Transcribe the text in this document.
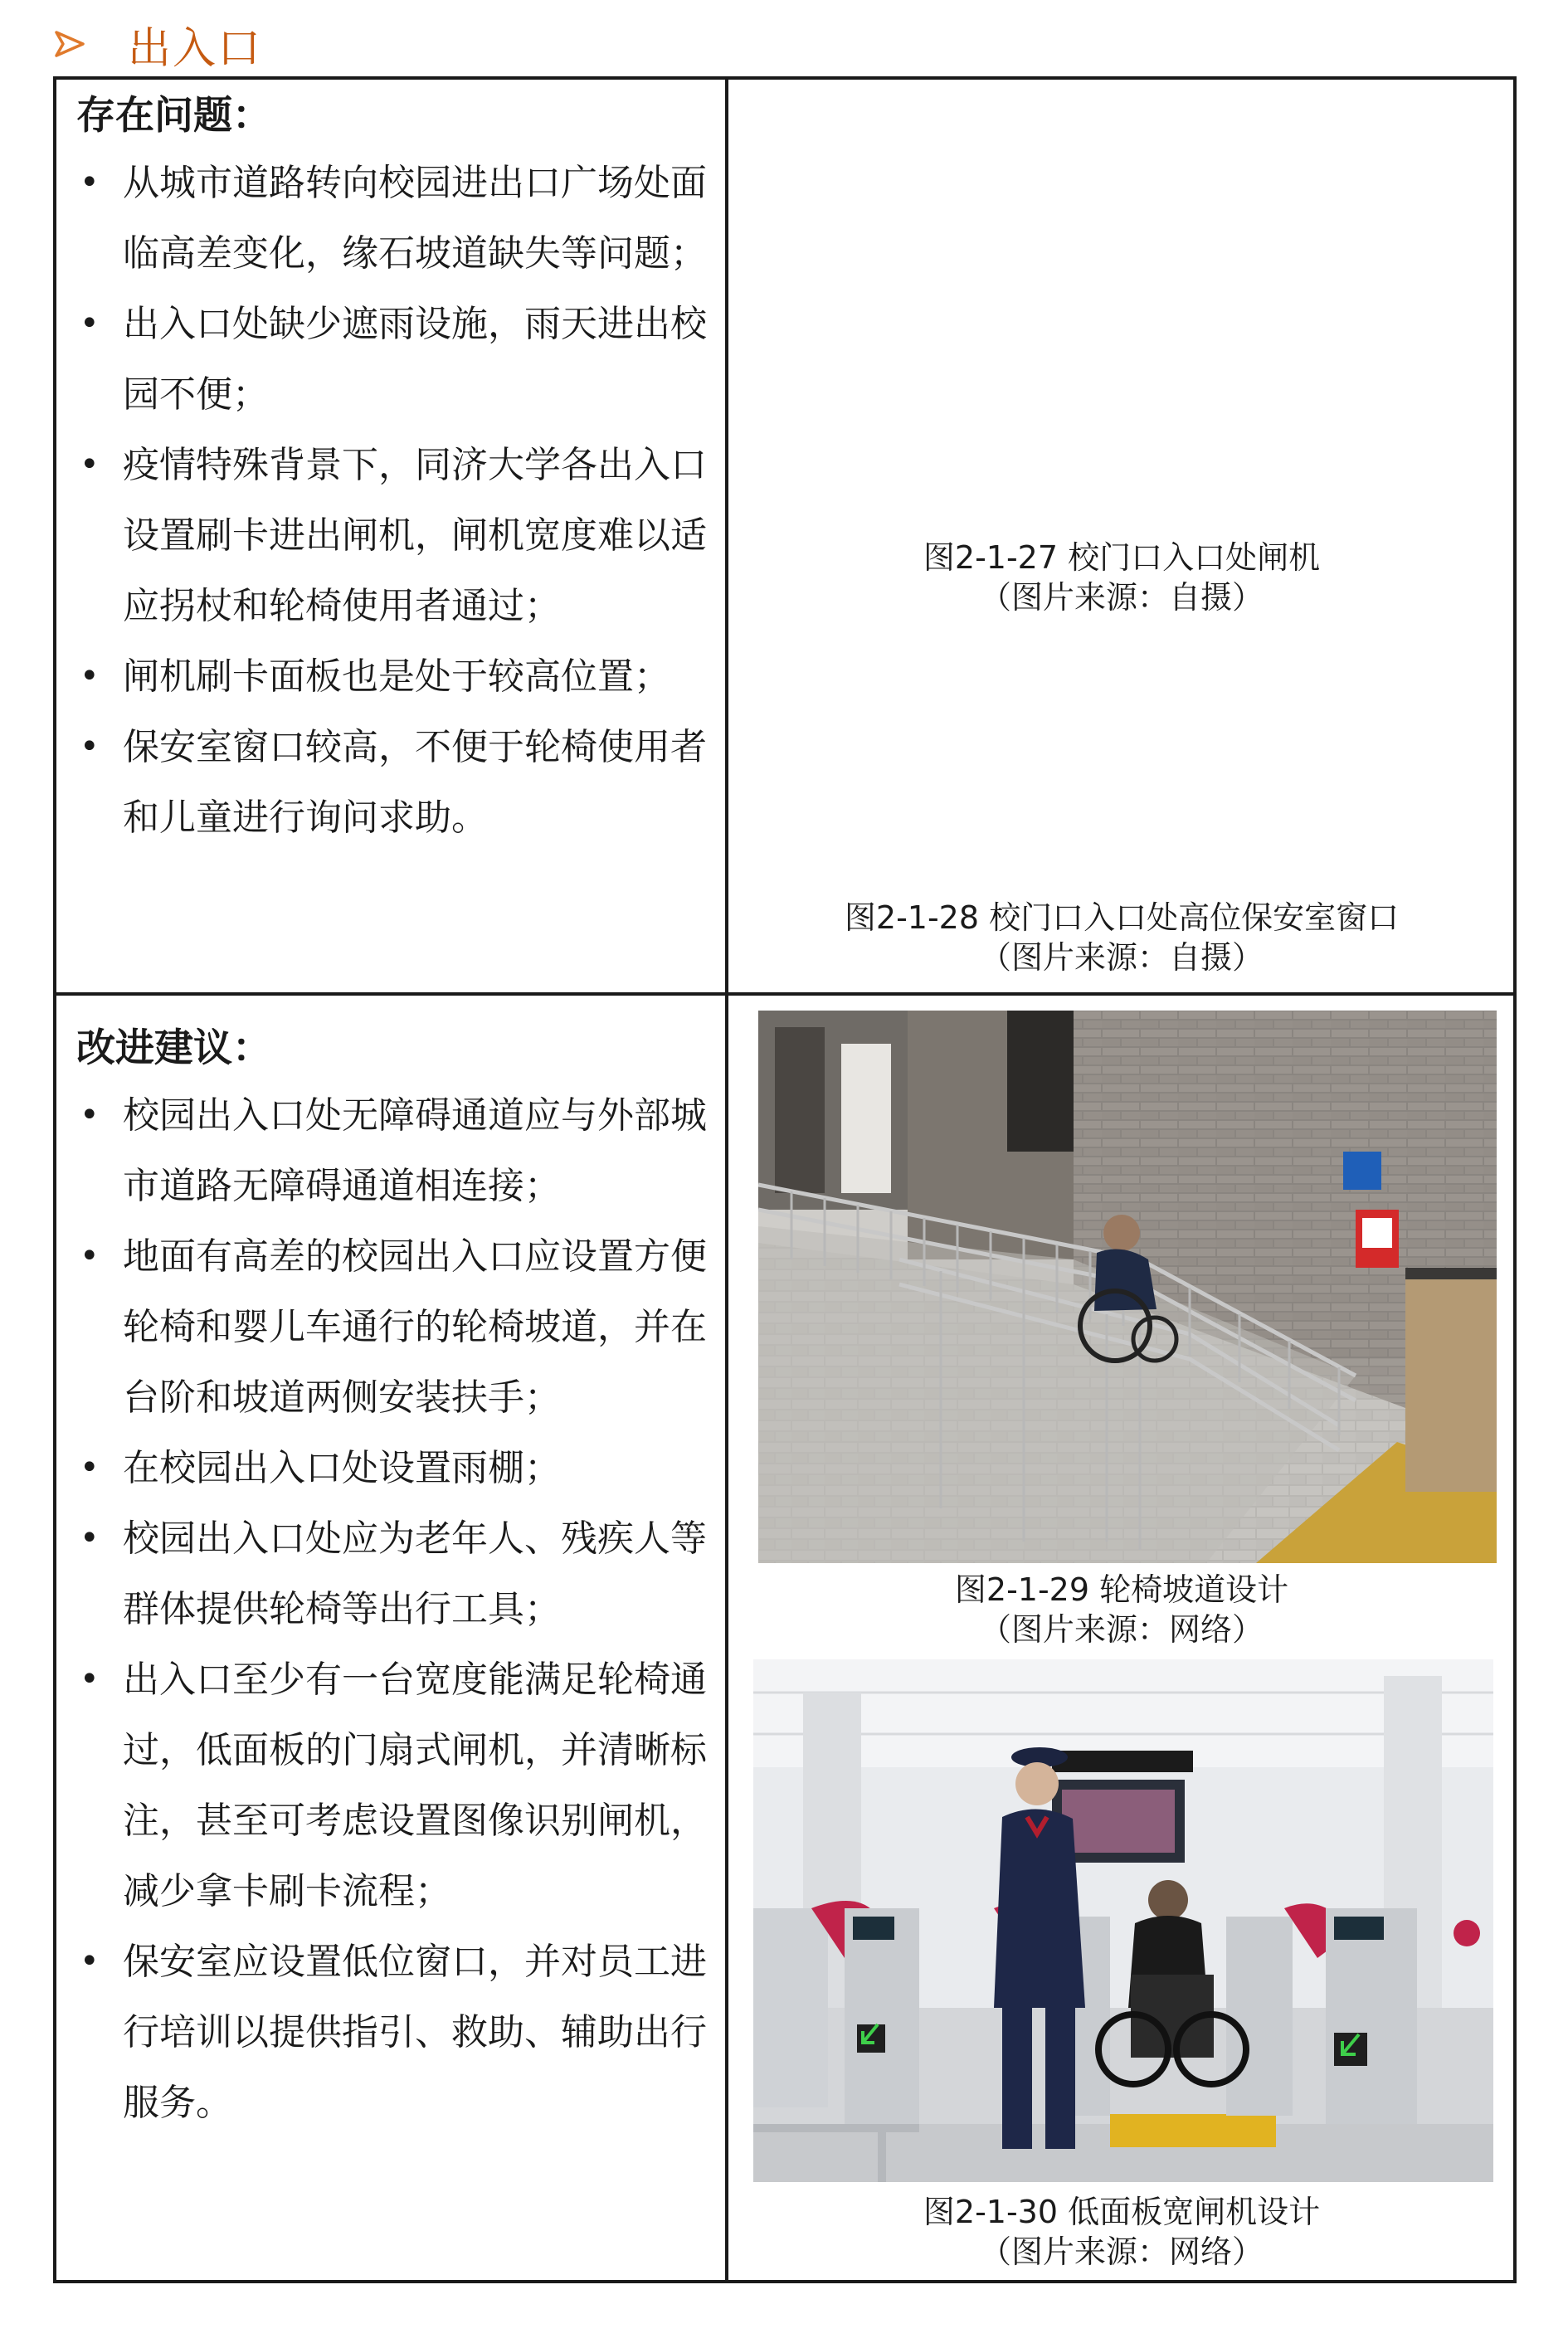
出入口
存在问题：
• 从城市道路转向校园进出口广场处面临高差变化，缘石坡道缺失等问题；
• 出入口处缺少遮雨设施，雨天进出校园不便；
• 疫情特殊背景下，同济大学各出入口设置刷卡进出闸机，闸机宽度难以适应拐杖和轮椅使用者通过；
• 闸机刷卡面板也是处于较高位置；
• 保安室窗口较高，不便于轮椅使用者和儿童进行询问求助。
改进建议：
• 校园出入口处无障碍通道应与外部城市道路无障碍通道相连接；
• 地面有高差的校园出入口应设置方便轮椅和婴儿车通行的轮椅坡道，并在台阶和坡道两侧安装扶手；
• 在校园出入口处设置雨棚；
• 校园出入口处应为老年人、残疾人等群体提供轮椅等出行工具；
• 出入口至少有一台宽度能满足轮椅通过，低面板的门扇式闸机，并清晰标注，甚至可考虑设置图像识别闸机，减少拿卡刷卡流程；
• 保安室应设置低位窗口，并对员工进行培训以提供指引、救助、辅助出行服务。
图2-1-27 校门口入口处闸机
（图片来源：自摄）
图2-1-28 校门口入口处高位保安室窗口
（图片来源：自摄）
图2-1-29 轮椅坡道设计
（图片来源：网络）
图2-1-30 低面板宽闸机设计
（图片来源：网络）
